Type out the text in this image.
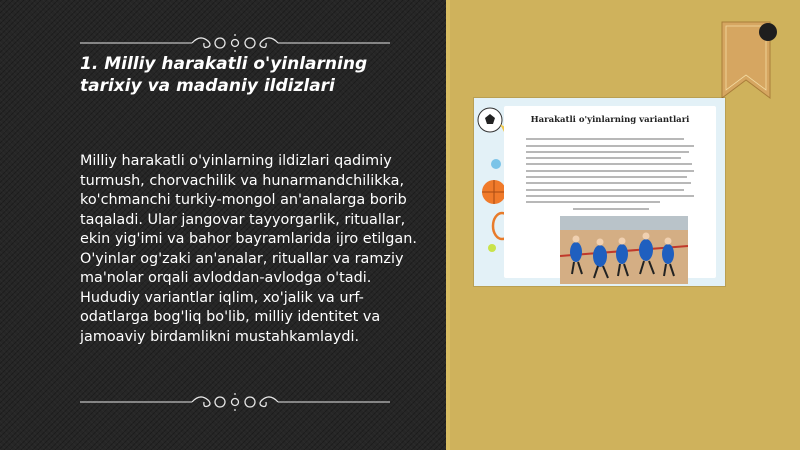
1. Milliy harakatli o'yinlarning tarixiy va madaniy ildizlari
Milliy harakatli o'yinlarning ildizlari qadimiy turmush, chorvachilik va hunarmandchilikka, ko'chmanchi turkiy-mongol an'analarga borib taqaladi. Ular jangovar tayyorgarlik, rituallar, ekin yig'imi va bahor bayramlarida ijro etilgan. O'yinlar og'zaki an'analar, rituallar va ramziy ma'nolar orqali avloddan-avlodga o'tadi. Hududiy variantlar iqlim, xo'jalik va urf-odatlarga bog'liq bo'lib, milliy identitet va jamoaviy birdamlikni mustahkamlaydi.
Harakatli o'yinlarning variantlari
